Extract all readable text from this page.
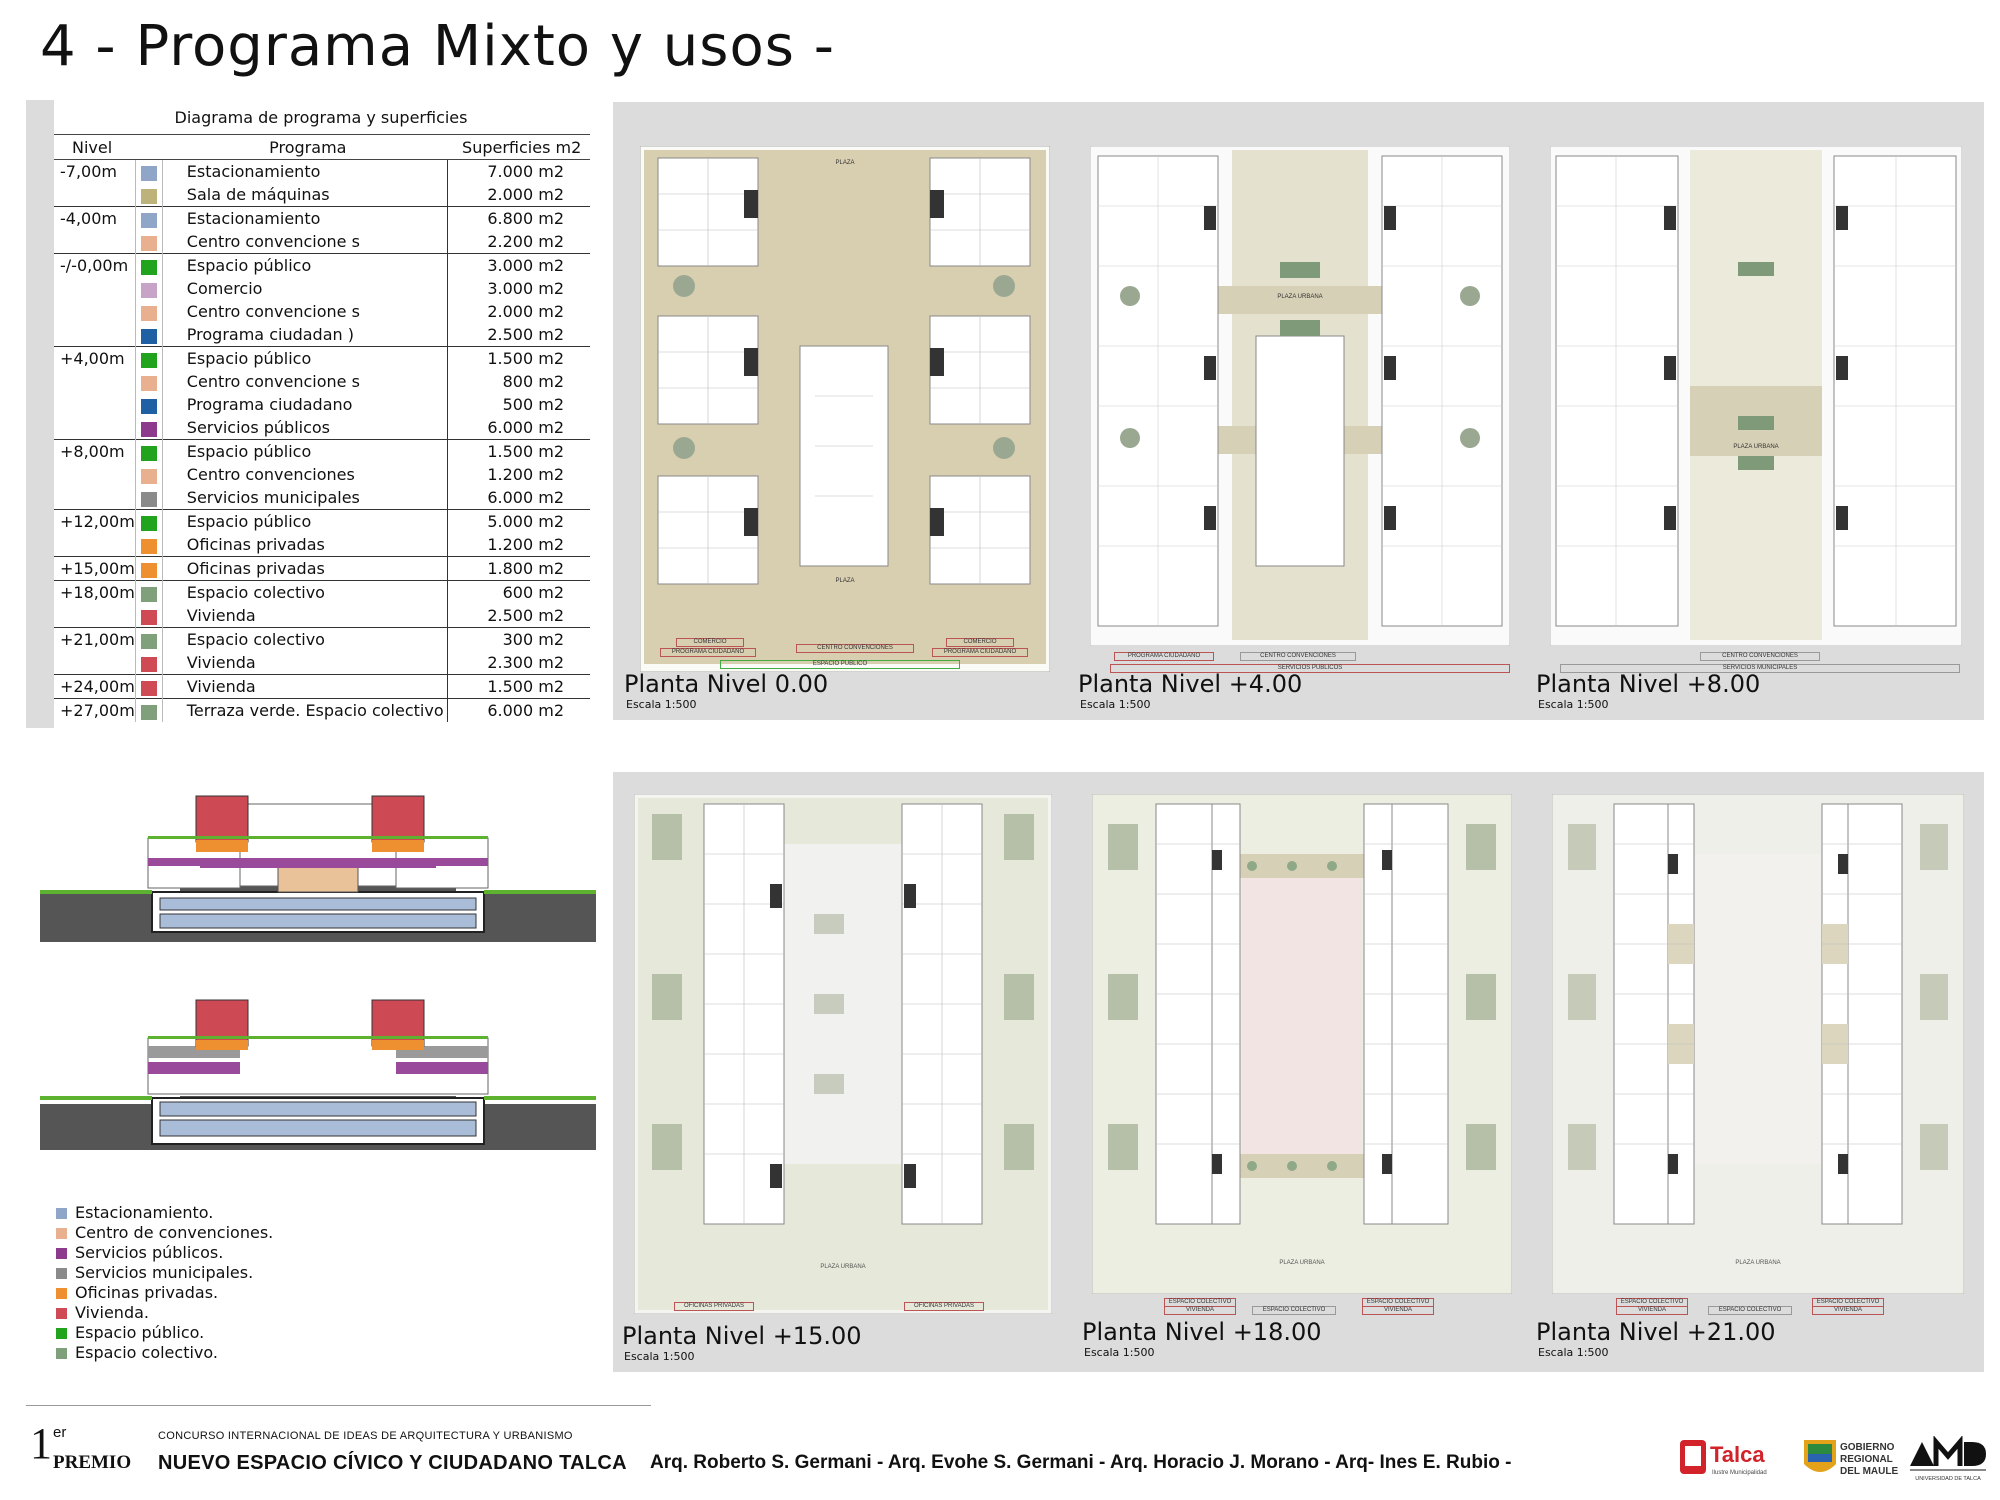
4 - Programa Mixto y usos -
Diagrama de programa y superficies
Nivel		Programa	Superficies m2
-7,00m		Estacionamiento	7.000 m2

	Sala de máquinas	2.000 m2
-4,00m		Estacionamiento	6.800 m2

	Centro convencione s	2.200 m2
-/-0,00m		Espacio público	3.000 m2

	Comercio	3.000 m2

	Centro convencione s	2.000 m2

	Programa ciudadan )	2.500 m2
+4,00m		Espacio público	1.500 m2

	Centro convencione s	800 m2

	Programa ciudadano	500 m2

	Servicios públicos	6.000 m2
+8,00m		Espacio público	1.500 m2

	Centro convenciones	1.200 m2

	Servicios municipales	6.000 m2
+12,00m		Espacio público	5.000 m2

	Oficinas privadas	1.200 m2
+15,00m		Oficinas privadas	1.800 m2
+18,00m		Espacio colectivo	600 m2

	Vivienda	2.500 m2
+21,00m		Espacio colectivo	300 m2

	Vivienda	2.300 m2
+24,00m		Vivienda	1.500 m2
+27,00m		Terraza verde. Espacio colectivo	6.000 m2
PLAZA
PLAZA
COMERCIO
PROGRAMA CIUDADANO
CENTRO CONVENCIONES
COMERCIO
PROGRAMA CIUDADANO
ESPACIO PUBLICO
Planta Nivel 0.00
Escala 1:500
PLAZA URBANA
PROGRAMA CIUDADANO	CENTRO CONVENCIONES
SERVICIOS PUBLICOS
Planta Nivel +4.00
Escala 1:500
PLAZA URBANA
CENTRO CONVENCIONES
SERVICIOS MUNICIPALES
Planta Nivel +8.00
Escala 1:500
PLAZA URBANA
OFICINAS PRIVADAS	OFICINAS PRIVADAS
Planta Nivel +15.00
Escala 1:500
PLAZA URBANA
ESPACIO COLECTIVO
VIVIENDA	ESPACIO COLECTIVO
ESPACIO COLECTIVO
VIVIENDA
Planta Nivel +18.00
Escala 1:500
PLAZA URBANA
ESPACIO COLECTIVO
VIVIENDA	ESPACIO COLECTIVO
ESPACIO COLECTIVO
VIVIENDA
Planta Nivel +21.00
Escala 1:500
Estacionamiento.
Centro de convenciones.
Servicios públicos.
Servicios municipales.
Oficinas privadas.
Vivienda.
Espacio público.
Espacio colectivo.
1 er
PREMIO
CONCURSO INTERNACIONAL DE IDEAS DE ARQUITECTURA Y URBANISMO
NUEVO ESPACIO CÍVICO Y CIUDADANO TALCA Arq. Roberto S. Germani - Arq. Evohe S. Germani - Arq. Horacio J. Morano - Arq- Ines E. Rubio -	Talca
Ilustre Municipalidad
GOBIERNO
REGIONAL
DEL MAULE
UNIVERSIDAD DE TALCA
